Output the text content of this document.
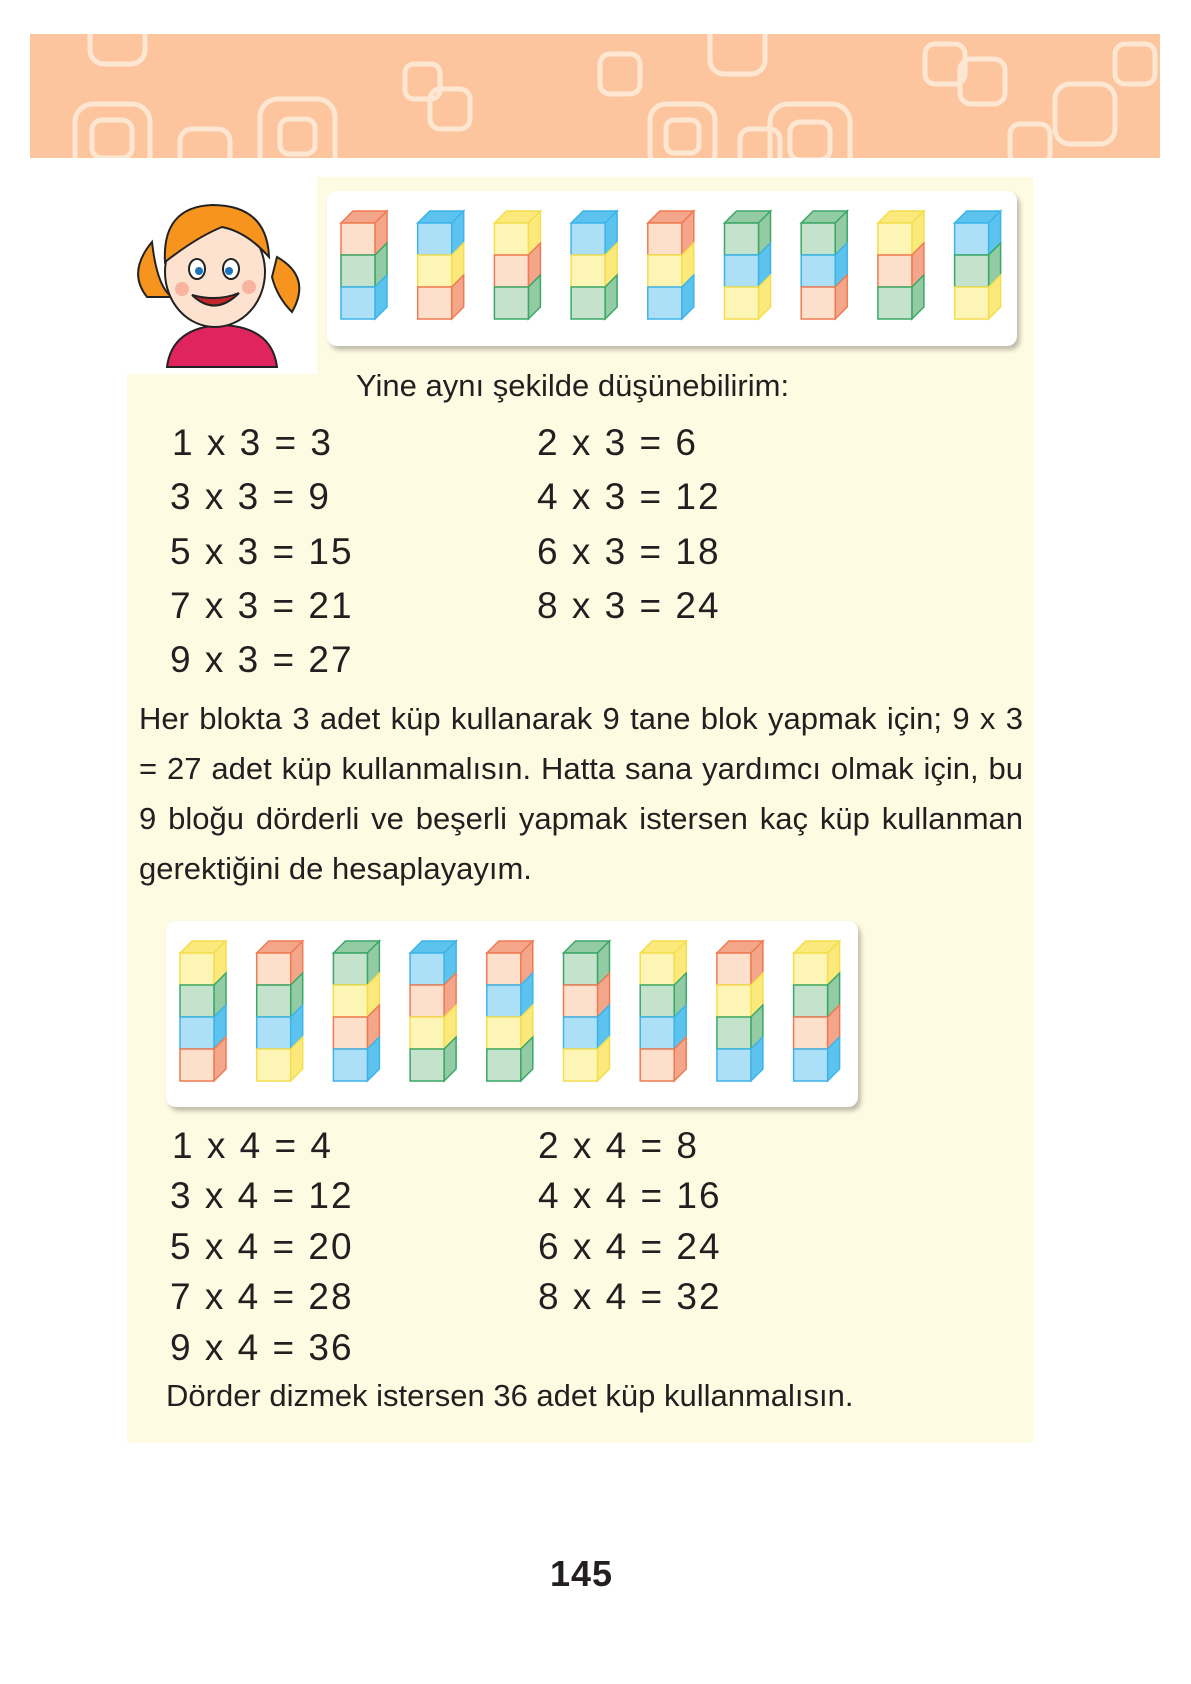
Yine aynı şekilde düşünebilirim:
1 x 3 = 3	2 x 3 = 6
3 x 3 = 9	4 x 3 = 12
5 x 3 = 15	6 x 3 = 18
7 x 3 = 21	8 x 3 = 24
9 x 3 = 27
Her blokta 3 adet küp kullanarak 9 tane blok yapmak için; 9 x 3 = 27 adet küp kullanmalısın. Hatta sana yardımcı olmak için, bu 9 bloğu dörderli ve beşerli yapmak istersen kaç küp kullanman gerektiğini de hesaplayayım.
1 x 4 = 4	2 x 4 = 8
3 x 4 = 12	4 x 4 = 16
5 x 4 = 20	6 x 4 = 24
7 x 4 = 28	8 x 4 = 32
9 x 4 = 36
Dörder dizmek istersen 36 adet küp kullanmalısın.
145
